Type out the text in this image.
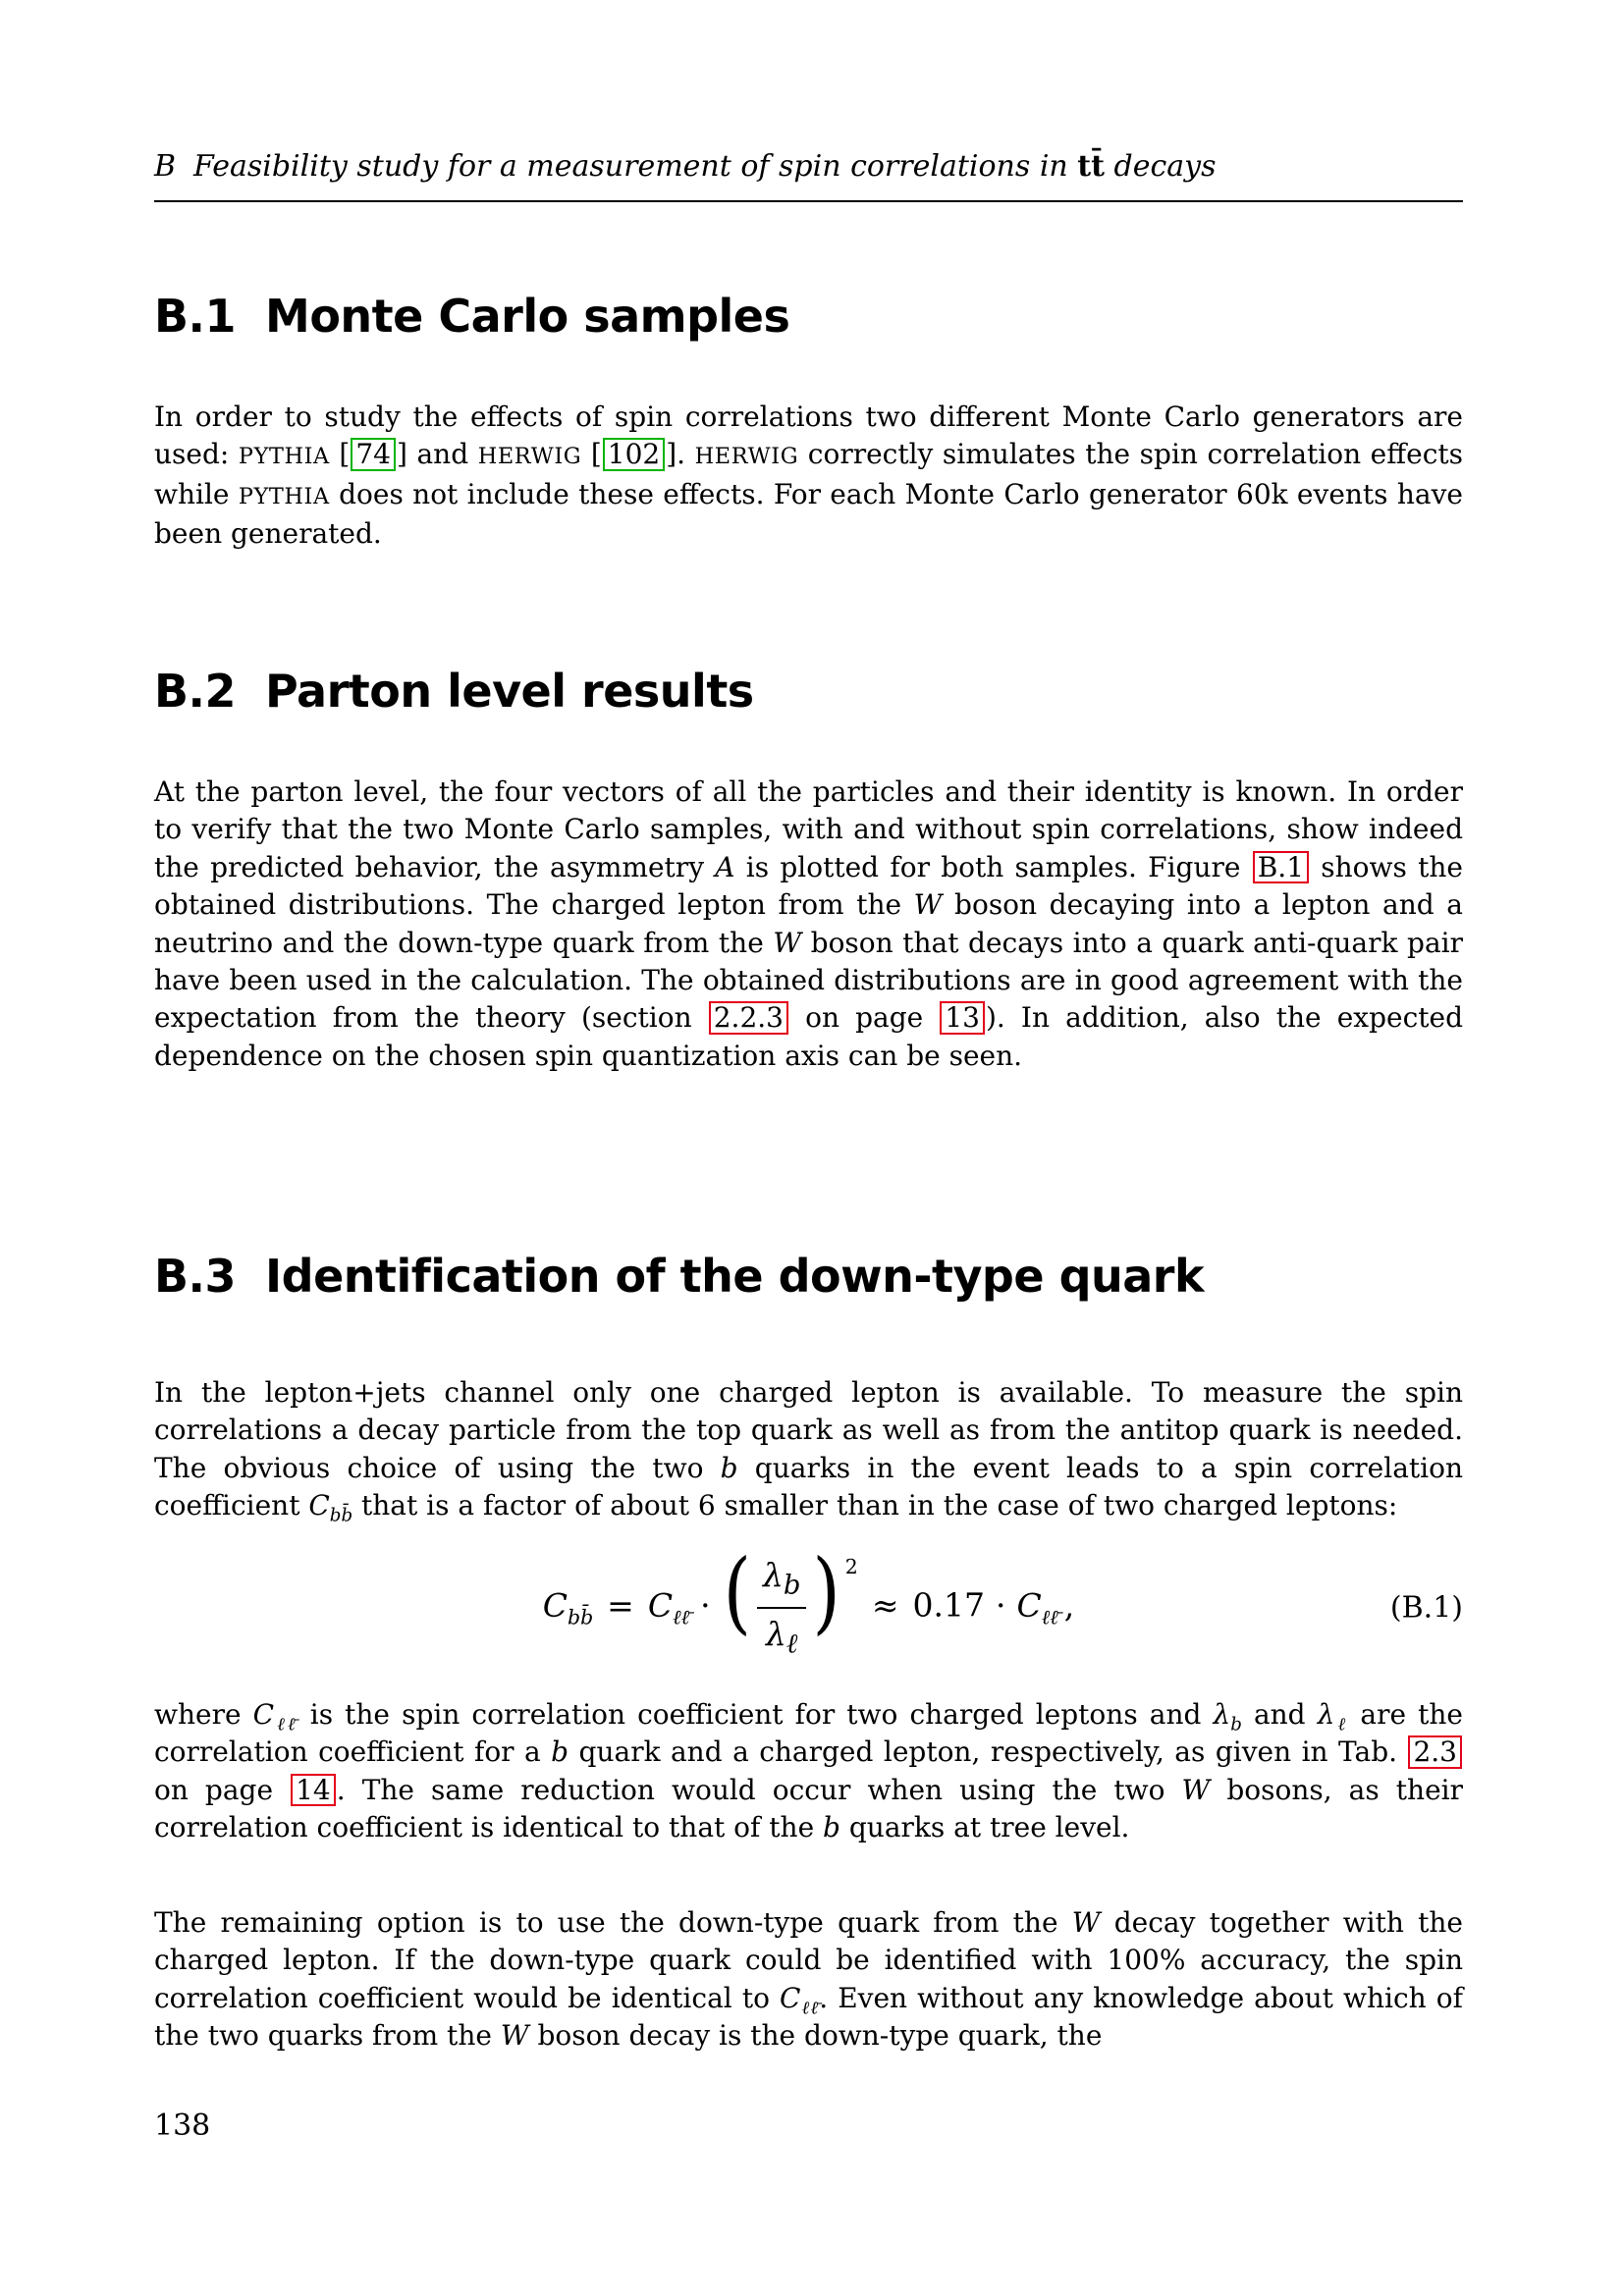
B Feasibility study for a measurement of spin correlations in tt̄ decays
B.1 Monte Carlo samples

In order to study the effects of spin correlations two different Monte Carlo generators are used: PYTHIA [ 74 ] and HERWIG [ 102 ]. HERWIG correctly simulates the spin correlation effects while PYTHIA does not include these effects. For each Monte Carlo generator 60k events have been generated.

B.2 Parton level results

At the parton level, the four vectors of all the particles and their identity is known. In order to verify that the two Monte Carlo samples, with and without spin correlations, show indeed the predicted behavior, the asymmetry A is plotted for both samples. Figure B.1 shows the obtained distributions. The charged lepton from the W boson decaying into a lepton and a neutrino and the down-type quark from the W boson that decays into a quark anti-quark pair have been used in the calculation. The obtained distributions are in good agreement with the expectation from the theory (section 2.2.3 on page 13 ). In addition, also the expected dependence on the chosen spin quantization axis can be seen.

B.3 Identification of the down-type quark

In the lepton+jets channel only one charged lepton is available. To measure the spin correlations a decay particle from the top quark as well as from the antitop quark is needed. The obvious choice of using the two b quarks in the event leads to a spin correlation coefficient $C_{bb̄}$ that is a factor of about 6 smaller than in the case of two charged leptons:

$C_{bb̄} = C_{\ell\ell̄}$ · ( $\frac{\lambda_b}{\lambda_\ell}$ ) $^2\approx 0.17 \cdot C_{\ell\ell̄}$ ,	(B.1)

where $C_{\ell\ell̄}$ is the spin correlation coefficient for two charged leptons and $\lambda_b$ and $\lambda_\ell$ are the correlation coefficient for a b quark and a charged lepton, respectively, as given in Tab. 2.3 on page 14 . The same reduction would occur when using the two W bosons, as their correlation coefficient is identical to that of the b quarks at tree level.

The remaining option is to use the down-type quark from the W decay together with the charged lepton. If the down-type quark could be identified with 100% accuracy, the spin correlation coefficient would be identical to $C_{\ell\ell̄}$. Even without any knowledge about which of the two quarks from the W boson decay is the down-type quark, the

138
